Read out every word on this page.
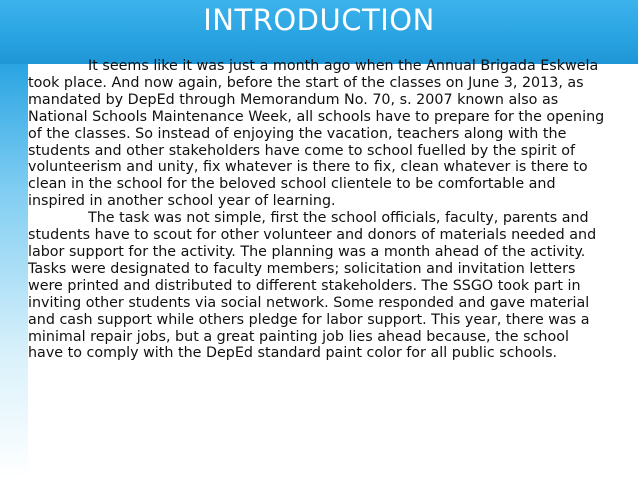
INTRODUCTION

It seems like it was just a month ago when the Annual Brigada Eskwela took place. And now again, before the start of the classes on June 3, 2013, as mandated by DepEd through Memorandum No. 70, s. 2007 known also as National Schools Maintenance Week, all schools have to prepare for the opening of the classes. So instead of enjoying the vacation, teachers along with the students and other stakeholders have come to school fuelled by the spirit of volunteerism and unity, fix whatever is there to fix, clean whatever is there to clean in the school for the beloved school clientele to be comfortable and inspired in another school year of learning.

The task was not simple, first the school officials, faculty, parents and students have to scout for other volunteer and donors of materials needed and labor support for the activity. The planning was a month ahead of the activity. Tasks were designated to faculty members; solicitation and invitation letters were printed and distributed to different stakeholders. The SSGO took part in inviting other students via social network. Some responded and gave material and cash support while others pledge for labor support. This year, there was a minimal repair jobs, but a great painting job lies ahead because, the school have to comply with the DepEd standard paint color for all public schools.
